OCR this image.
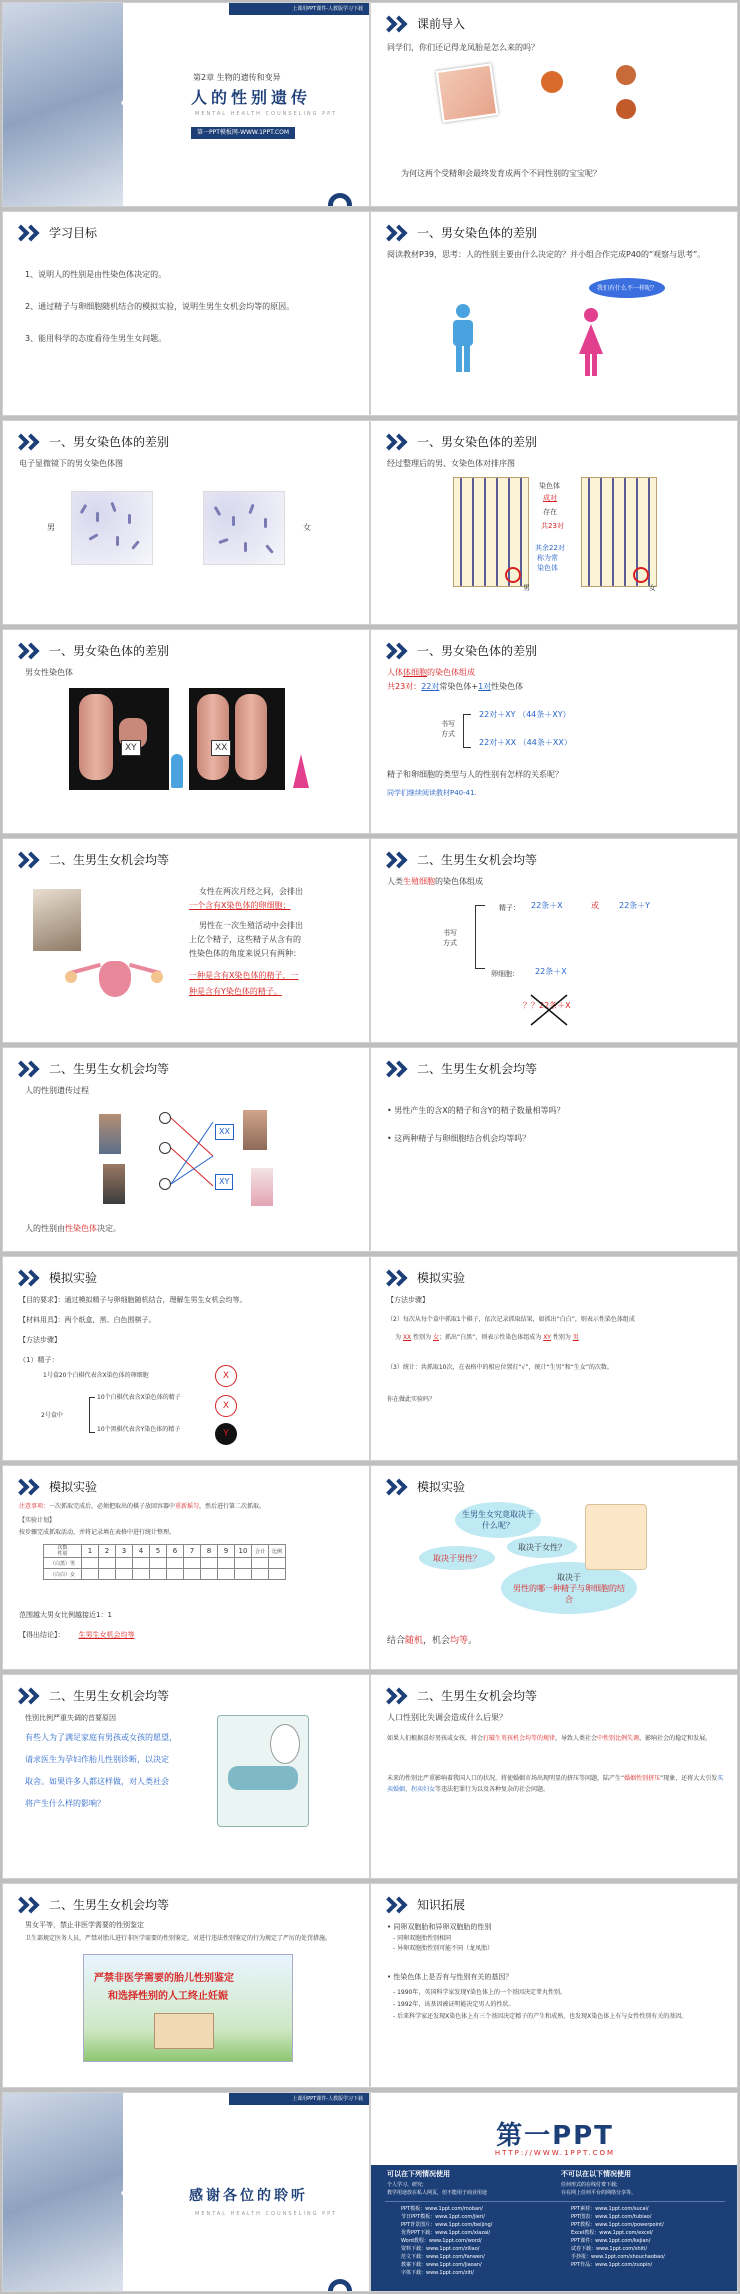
上课用PPT课件-人教版学习下载
第2章 生物的遗传和变异
人的性别遗传
MENTAL HEALTH COUNSELING PPT
第一PPT模板网-WWW.1PPT.COM
课前导入
同学们，你们还记得龙凤胎是怎么来的吗？
为何这两个受精卵会最终发育成两个不同性别的宝宝呢？
学习目标
1、说明人的性别是由性染色体决定的。
2、通过精子与卵细胞随机结合的模拟实验，说明生男生女机会均等的原因。
3、能用科学的态度看待生男生女问题。
一、男女染色体的差别
阅读教材P39，思考：人的性别主要由什么决定的？并小组合作完成P40的“观察与思考”。
我们有什么不一样呢？
一、男女染色体的差别
电子显微镜下的男女染色体图
男	女
一、男女染色体的差别
经过整理后的男、女染色体对排序图
染色体
成对
存在
共23对
其余22对
称为常
染色体
男	女
一、男女染色体的差别
男女性染色体
XY	XX
一、男女染色体的差别
人体体细胞的染色体组成
共23对：22对常染色体+1对性染色体
书写
方式
22对＋XY （44条＋XY）
22对＋XX （44条＋XX）
精子和卵细胞的类型与人的性别有怎样的关系呢？
同学们继续阅读教材P40-41.
二、生男生女机会均等
女性在两次月经之间，会排出
一个含有X染色体的卵细胞；
男性在一次生殖活动中会排出
上亿个精子，这些精子从含有的
性染色体的角度来说只有两种：
一种是含有X染色体的精子，一
种是含有Y染色体的精子。
二、生男生女机会均等
人类生殖细胞的染色体组成
精子： 22条＋X	或	22条＋Y
书写
方式
卵细胞： 22条＋X
？？22条＋X
二、生男生女机会均等
人的性别遗传过程
XX
XY
人的性别由性染色体决定。
二、生男生女机会均等
• 男性产生的含X的精子和含Y的精子数量相等吗？
• 这两种精子与卵细胞结合机会均等吗？
模拟实验
【目的要求】：通过模拟精子与卵细胞随机结合，理解生男生女机会均等。
【材料用具】：两个纸盒，黑、白色围棋子。
【方法步骤】
（1）精子：
1号盒20个白棋代表含X染色体的卵细胞
2号盒中
10个白棋代表含X染色体的精子
10个黑棋代表含Y染色体的精子
X
X
Y
模拟实验
【方法步骤】
（2）每次从每个盒中抓取1个棋子，依次记录抓取结果，如抓出“白白”，则表示性染色体组成
为 XX 性别为 女；抓出“白黑”，则表示性染色体组成为 XY 性别为 男
（3）统计：共抓取10次，在表格中的相应位置打“√”，统计“生男”和“生女”的次数。
你在做此实验吗？
模拟实验
注意事项：一次抓取完成后，必须把取出的棋子放回容器中重新摇匀，然后进行第二次抓取。
【实验计划】
按步骤完成抓取活动，并将记录填在表格中进行统计整理。
次数
性别	1	2	3	4	5	6	7	8	9	10	合计	比例
（白黑）男												
（白白）女												
范围越大男女比例越接近1：1
【得出结论】： 生男生女机会均等
模拟实验
生男生女究竟取决于什么呢？
取决于男性？
取决于女性？
取决于
男性的哪一种精子与卵细胞的结合
结合随机，机会均等。
二、生男生女机会均等
性别比例严重失调的首要原因
有些人为了满足家庭有男孩或女孩的愿望，
请求医生为孕妇作胎儿性别诊断，以决定
取舍。如果许多人都这样做，对人类社会
将产生什么样的影响？
二、生男生女机会均等
人口性别比失调会造成什么后果？
如果人们根据喜好男孩或女孩，将会打破生男孩机会均等的规律，导致人类社会中性别比例失调，影响社会的稳定和发展。
未来的性别比严重影响着我国人口的状况，将使婚姻市场出现明显的挤压等问题，陆产生“婚姻性别挤压”现象，还将大大引发买卖婚姻、拐卖妇女等违法犯罪行为以及各种复杂的社会问题。
二、生男生女机会均等
男女平等，禁止非医学需要的性别鉴定
卫生部规定医务人员，严禁对胎儿进行非医学需要的性别鉴定，对进行违法性别鉴定的行为规定了严厉的处罚措施。
严禁非医学需要的胎儿性别鉴定
和选择性别的人工终止妊娠
知识拓展
• 同卵双胞胎和异卵双胞胎的性别
- 同卵双胞胎性别相同
- 异卵双胞胎性别可能不同（龙凤胎）
• 性染色体上是否有与性别有关的基因？
- 1990年，英国科学家发现Y染色体上的一个基因决定睾丸性别。
- 1992年，该基因被证明能决定男人的性状。
- 后来科学家还发现X染色体上有三个基因决定精子的产生和成熟，也发现X染色体上有与女性性别有关的基因。
上课用PPT课件-人教版学习下载
感谢各位的聆听
MENTAL HEALTH COUNSELING PPT
第一PPT
HTTP://WWW.1PPT.COM
可以在下列情况使用	不可以在以下情况使用
个人学习、研究;
教学用途放在私人网页，但不能用于商业用途
任何形式的在线付费下载;
存在网上任何平台的网络分享等。
PPT模板：www.1ppt.com/moban/
节日PPT模板：www.1ppt.com/jieri/
PPT背景图片：www.1ppt.com/beijing/
优秀PPT下载：www.1ppt.com/xiazai/
Word教程：www.1ppt.com/word/
资料下载：www.1ppt.com/ziliao/
范文下载：www.1ppt.com/fanwen/
教案下载：www.1ppt.com/jiaoan/
字体下载：www.1ppt.com/ziti/
PPT素材：www.1ppt.com/sucai/
PPT图表：www.1ppt.com/tubiao/
PPT教程：www.1ppt.com/powerpoint/
Excel教程：www.1ppt.com/excel/
PPT课件：www.1ppt.com/kejian/
试卷下载：www.1ppt.com/shiti/
手抄报：www.1ppt.com/shouchaobao/
PPT作品：www.1ppt.com/zuopin/
